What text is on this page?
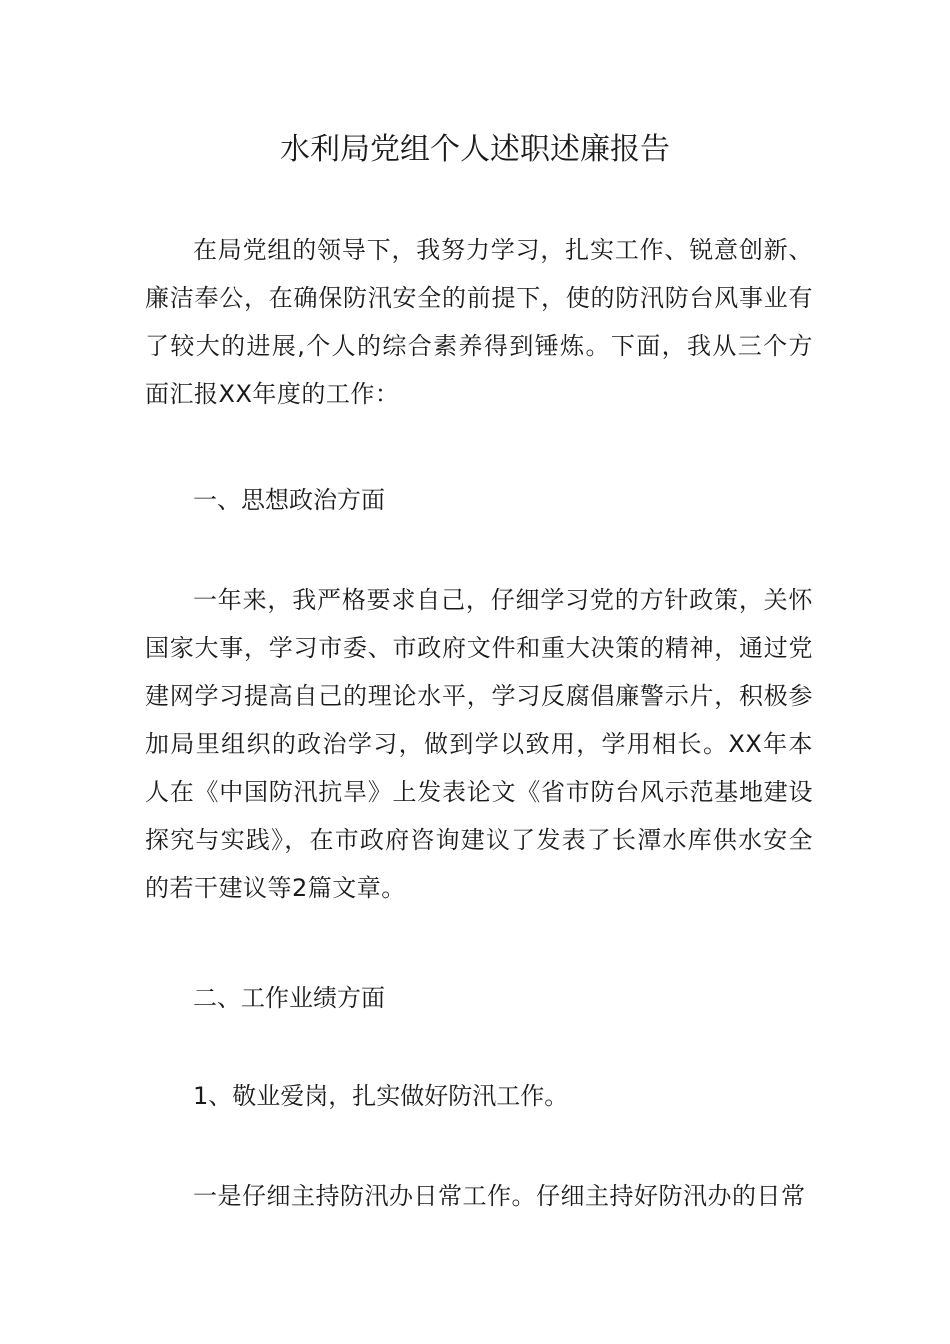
水利局党组个人述职述廉报告

在局党组的领导下，我努力学习，扎实工作、锐意创新、廉洁奉公，在确保防汛安全的前提下，使的防汛防台风事业有了较大的进展,个人的综合素养得到锤炼。下面，我从三个方面汇报XX年度的工作：

一、思想政治方面

一年来，我严格要求自己，仔细学习党的方针政策，关怀国家大事，学习市委、市政府文件和重大决策的精神，通过党建网学习提高自己的理论水平，学习反腐倡廉警示片，积极参加局里组织的政治学习，做到学以致用，学用相长。XX年本人在《中国防汛抗旱》上发表论文《省市防台风示范基地建设探究与实践》，在市政府咨询建议了发表了长潭水库供水安全的若干建议等2篇文章。

二、工作业绩方面

1、敬业爱岗，扎实做好防汛工作。

一是仔细主持防汛办日常工作。仔细主持好防汛办的日常
